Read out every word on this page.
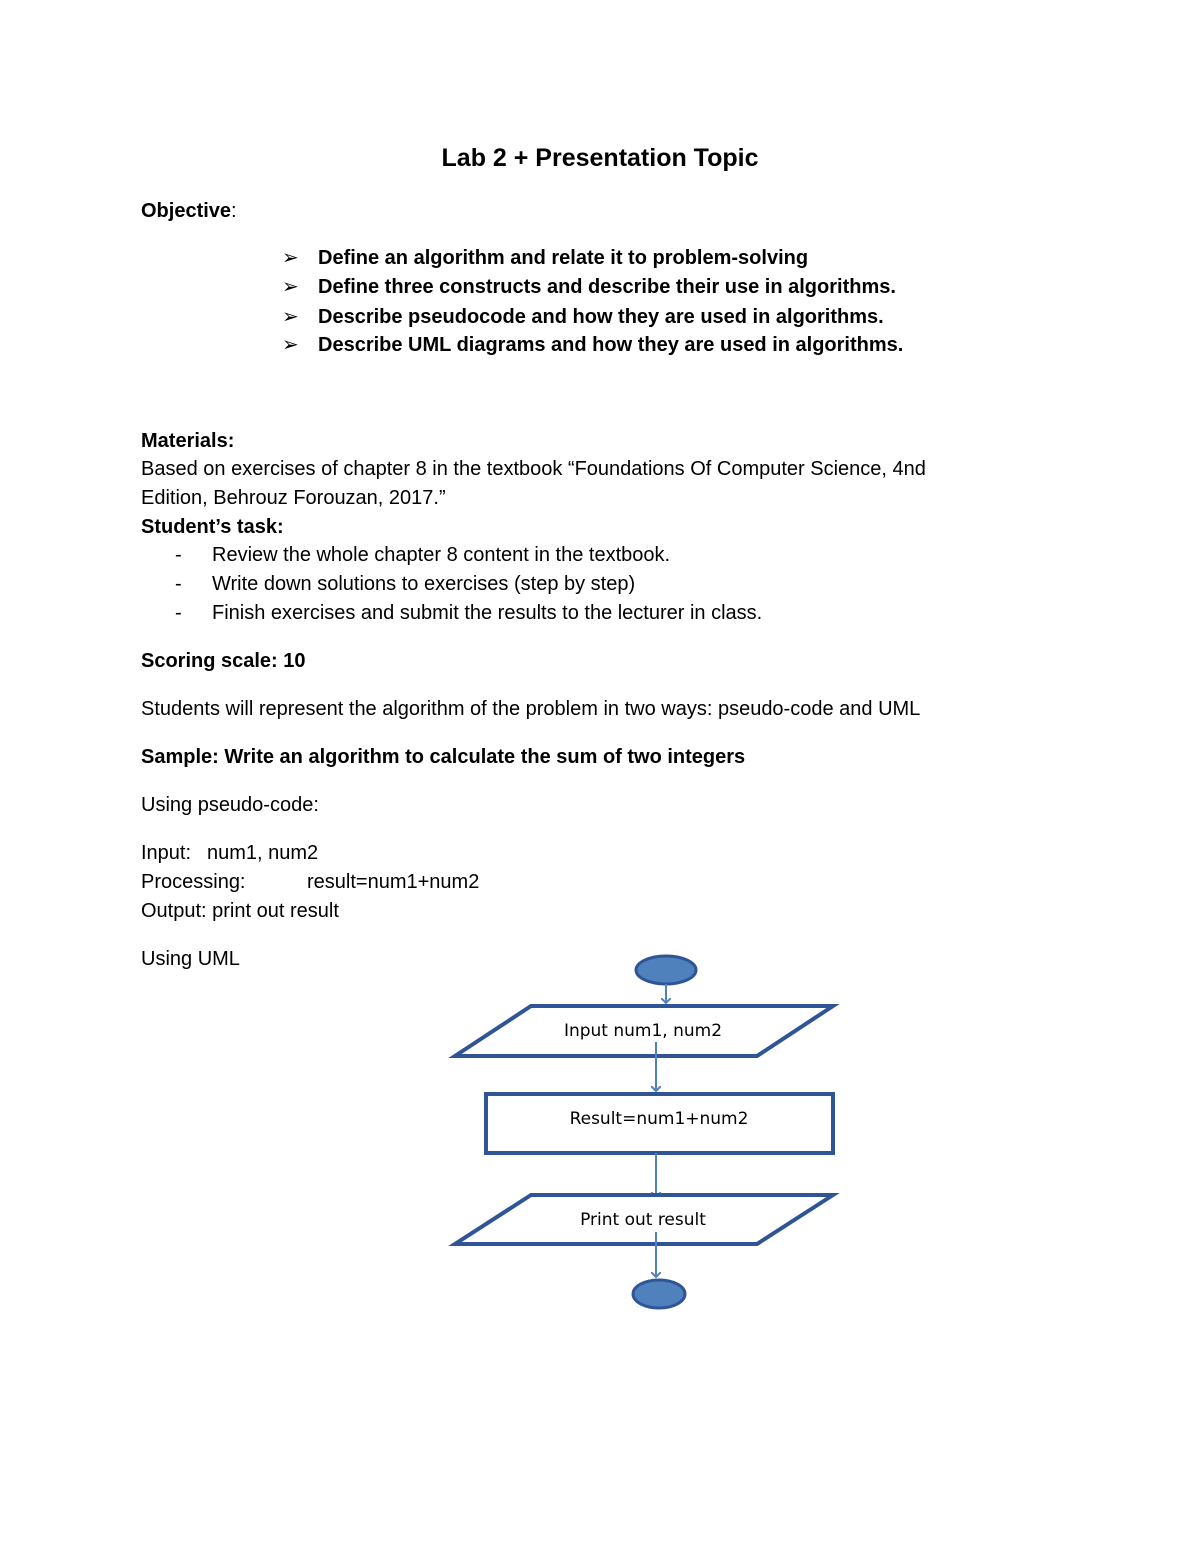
Lab 2 + Presentation Topic
Objective:
➢ Define an algorithm and relate it to problem-solving
➢ Define three constructs and describe their use in algorithms.
➢ Describe pseudocode and how they are used in algorithms.
➢ Describe UML diagrams and how they are used in algorithms.
Materials:
Based on exercises of chapter 8 in the textbook “Foundations Of Computer Science, 4nd
Edition, Behrouz Forouzan, 2017.”
Student’s task:
- Review the whole chapter 8 content in the textbook.
- Write down solutions to exercises (step by step)
- Finish exercises and submit the results to the lecturer in class.
Scoring scale: 10
Students will represent the algorithm of the problem in two ways: pseudo-code and UML
Sample: Write an algorithm to calculate the sum of two integers
Using pseudo-code:
Input: num1, num2
Processing:	result=num1+num2
Output: print out result
Using UML
Input num1, num2
Result=num1+num2
Print out result
